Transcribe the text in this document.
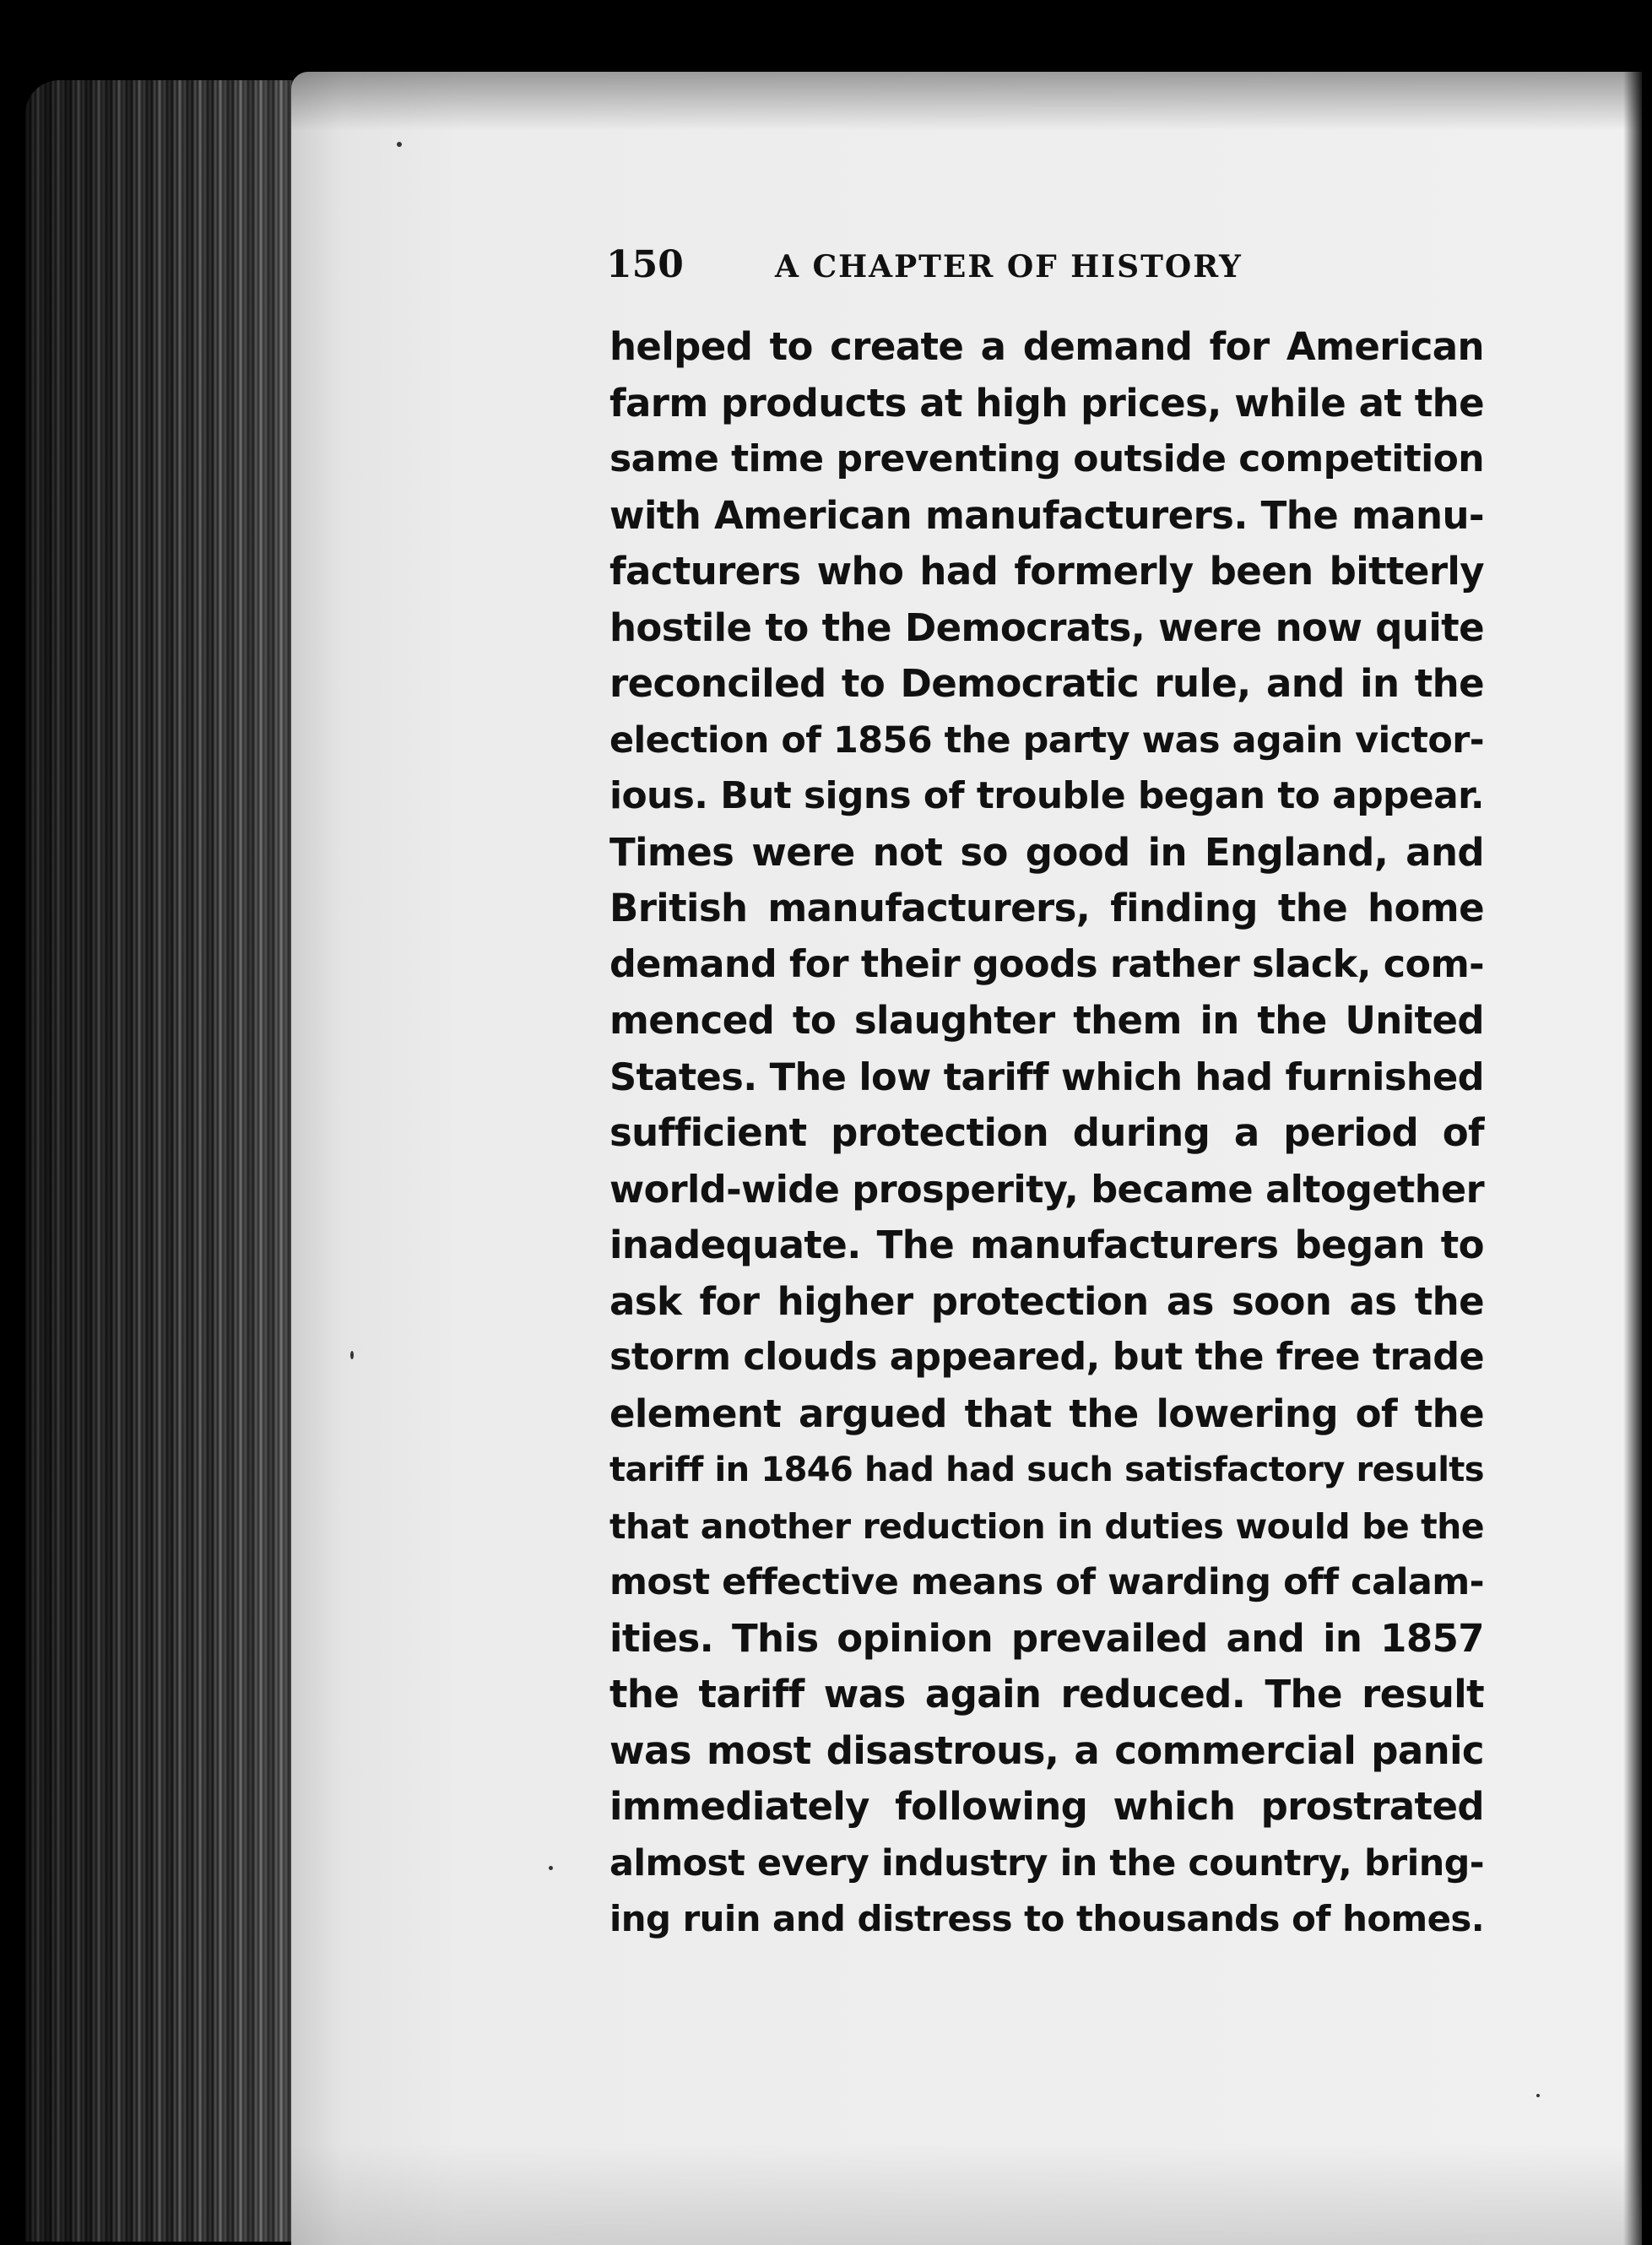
150	A CHAPTER OF HISTORY
helped to create a demand for American
farm products at high prices, while at the
same time preventing outside competition
with American manufacturers. The manu-
facturers who had formerly been bitterly
hostile to the Democrats, were now quite
reconciled to Democratic rule, and in the
election of 1856 the party was again victor-
ious. But signs of trouble began to appear.
Times were not so good in England, and
British manufacturers, finding the home
demand for their goods rather slack, com-
menced to slaughter them in the United
States. The low tariff which had furnished
sufficient protection during a period of
world-wide prosperity, became altogether
inadequate. The manufacturers began to
ask for higher protection as soon as the
storm clouds appeared, but the free trade
element argued that the lowering of the
tariff in 1846 had had such satisfactory results
that another reduction in duties would be the
most effective means of warding off calam-
ities. This opinion prevailed and in 1857
the tariff was again reduced. The result
was most disastrous, a commercial panic
immediately following which prostrated
almost every industry in the country, bring-
ing ruin and distress to thousands of homes.
